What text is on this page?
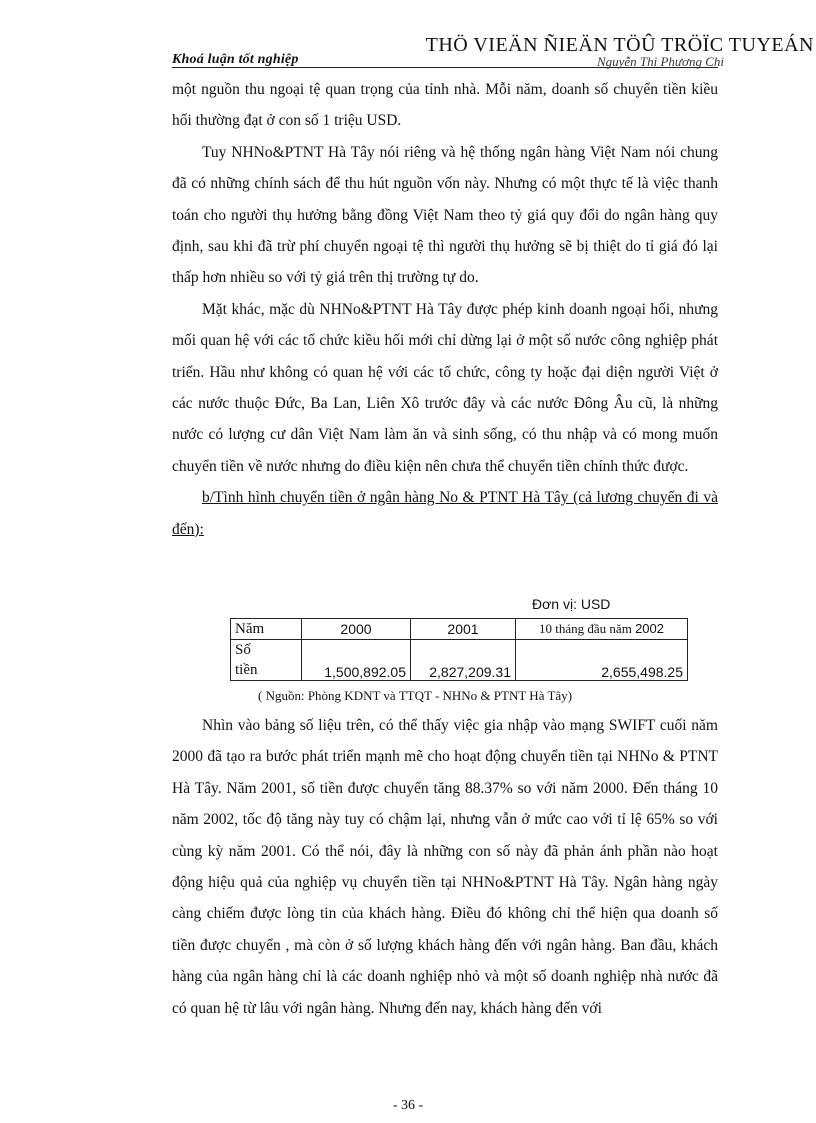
Khoá luận tốt nghiệp
THÖ VIEÄN ÑIEÄN TÖÛ TRÖÏC TUYEÁN
Nguyễn Thị Phương Chi

một nguồn thu ngoại tệ quan trọng của tỉnh nhà. Mỗi năm, doanh số chuyển tiền kiều hối thường đạt ở con số 1 triệu USD.

Tuy NHNo&PTNT Hà Tây nói riêng và hệ thống ngân hàng Việt Nam nói chung đã có những chính sách để thu hút nguồn vốn này. Nhưng có một thực tế là việc thanh toán cho người thụ hưởng bằng đồng Việt Nam theo tỷ giá quy đổi do ngân hàng quy định, sau khi đã trừ phí chuyển ngoại tệ thì người thụ hưởng sẽ bị thiệt do tỉ giá đó lại thấp hơn nhiều so với tỷ giá trên thị trường tự do.

Mặt khác, mặc dù NHNo&PTNT Hà Tây được phép kinh doanh ngoại hối, nhưng mối quan hệ với các tổ chức kiều hối mới chỉ dừng lại ở một số nước công nghiệp phát triển. Hầu như không có quan hệ với các tổ chức, công ty hoặc đại diện người Việt ở các nước thuộc Đức, Ba Lan, Liên Xô trước đây và các nước Đông Âu cũ, là những nước có lượng cư dân Việt Nam làm ăn và sinh sống, có thu nhập và có mong muốn chuyển tiền về nước nhưng do điều kiện nên chưa thể chuyển tiền chính thức được.

b/Tình hình chuyển tiền ở ngân hàng No & PTNT Hà Tây (cả lương chuyển đi và đến):

Đơn vị: USD
Năm	2000	2001	10 tháng đầu năm 2002
Số
tiền	1,500,892.05	2,827,209.31	2,655,498.25
( Nguồn: Phòng KDNT và TTQT - NHNo & PTNT Hà Tây)

Nhìn vào bảng số liệu trên, có thể thấy việc gia nhập vào mạng SWIFT cuối năm 2000 đã tạo ra bước phát triển mạnh mẽ cho hoạt động chuyển tiền tại NHNo & PTNT Hà Tây. Năm 2001, số tiền được chuyển tăng 88.37% so với năm 2000. Đến tháng 10 năm 2002, tốc độ tăng này tuy có chậm lại, nhưng vẫn ở mức cao với tỉ lệ 65% so với cùng kỳ năm 2001. Có thể nói, đây là những con số này đã phản ánh phần nào hoạt động hiệu quả của nghiệp vụ chuyển tiền tại NHNo&PTNT Hà Tây. Ngân hàng ngày càng chiếm được lòng tin của khách hàng. Điều đó không chỉ thể hiện qua doanh số tiền được chuyển , mà còn ở số lượng khách hàng đến với ngân hàng. Ban đầu, khách hàng của ngân hàng chỉ là các doanh nghiệp nhỏ và một số doanh nghiệp nhà nước đã có quan hệ từ lâu với ngân hàng. Nhưng đến nay, khách hàng đến với

- 36 -
